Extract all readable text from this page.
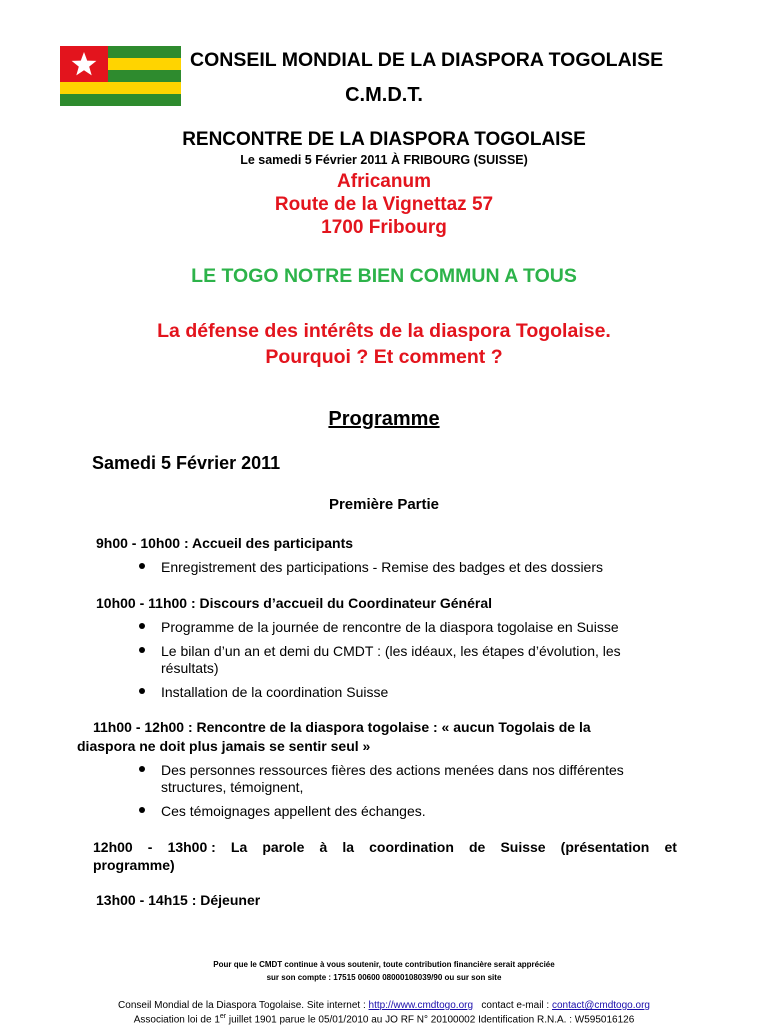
CONSEIL MONDIAL DE LA DIASPORA TOGOLAISE
C.M.D.T.
RENCONTRE DE LA DIASPORA TOGOLAISE
Le samedi 5 Février 2011 À FRIBOURG (SUISSE)
Africanum
Route de la Vignettaz 57
1700 Fribourg
LE TOGO NOTRE BIEN COMMUN A TOUS
La défense des intérêts de la diaspora Togolaise.
Pourquoi ? Et comment ?
Programme
Samedi 5 Février 2011
Première Partie
9h00 - 10h00 : Accueil des participants
Enregistrement des participations - Remise des badges et des dossiers
10h00 - 11h00 : Discours d’accueil du Coordinateur Général
Programme de la journée de rencontre de la diaspora togolaise en Suisse
Le bilan d’un an et demi du CMDT : (les idéaux, les étapes d’évolution, les
résultats)
Installation de la coordination Suisse
11h00 - 12h00 : Rencontre de la diaspora togolaise : « aucun Togolais de la
diaspora ne doit plus jamais se sentir seul »
Des personnes ressources fières des actions menées dans nos différentes
structures, témoignent,
Ces témoignages appellent des échanges.
12h00 - 13h00 : La parole à la coordination de Suisse (présentation et
programme)
13h00 - 14h15 : Déjeuner
Pour que le CMDT continue à vous soutenir, toute contribution financière serait appréciée
sur son compte : 17515 00600 08000108039/90 ou sur son site
Conseil Mondial de la Diaspora Togolaise. Site internet : http://www.cmdtogo.org contact e-mail : contact@cmdtogo.org
Association loi de 1er juillet 1901 parue le 05/01/2010 au JO RF N° 20100002 Identification R.N.A. : W595016126
